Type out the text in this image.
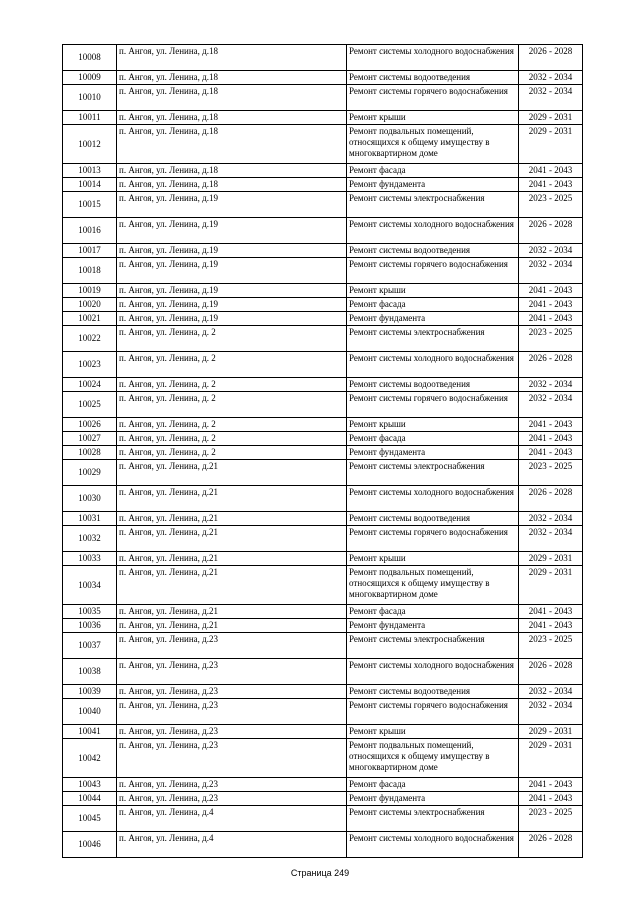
10008	п. Ангоя, ул. Ленина, д.18	Ремонт системы холодного водоснабжения	2026 - 2028
10009	п. Ангоя, ул. Ленина, д.18	Ремонт системы водоотведения	2032 - 2034
10010	п. Ангоя, ул. Ленина, д.18	Ремонт системы горячего водоснабжения	2032 - 2034
10011	п. Ангоя, ул. Ленина, д.18	Ремонт крыши	2029 - 2031
10012	п. Ангоя, ул. Ленина, д.18	Ремонт подвальных помещений, относящихся к общему имуществу в многоквартирном доме	2029 - 2031
10013	п. Ангоя, ул. Ленина, д.18	Ремонт фасада	2041 - 2043
10014	п. Ангоя, ул. Ленина, д.18	Ремонт фундамента	2041 - 2043
10015	п. Ангоя, ул. Ленина, д.19	Ремонт системы электроснабжения	2023 - 2025
10016	п. Ангоя, ул. Ленина, д.19	Ремонт системы холодного водоснабжения	2026 - 2028
10017	п. Ангоя, ул. Ленина, д.19	Ремонт системы водоотведения	2032 - 2034
10018	п. Ангоя, ул. Ленина, д.19	Ремонт системы горячего водоснабжения	2032 - 2034
10019	п. Ангоя, ул. Ленина, д.19	Ремонт крыши	2041 - 2043
10020	п. Ангоя, ул. Ленина, д.19	Ремонт фасада	2041 - 2043
10021	п. Ангоя, ул. Ленина, д.19	Ремонт фундамента	2041 - 2043
10022	п. Ангоя, ул. Ленина, д. 2	Ремонт системы электроснабжения	2023 - 2025
10023	п. Ангоя, ул. Ленина, д. 2	Ремонт системы холодного водоснабжения	2026 - 2028
10024	п. Ангоя, ул. Ленина, д. 2	Ремонт системы водоотведения	2032 - 2034
10025	п. Ангоя, ул. Ленина, д. 2	Ремонт системы горячего водоснабжения	2032 - 2034
10026	п. Ангоя, ул. Ленина, д. 2	Ремонт крыши	2041 - 2043
10027	п. Ангоя, ул. Ленина, д. 2	Ремонт фасада	2041 - 2043
10028	п. Ангоя, ул. Ленина, д. 2	Ремонт фундамента	2041 - 2043
10029	п. Ангоя, ул. Ленина, д.21	Ремонт системы электроснабжения	2023 - 2025
10030	п. Ангоя, ул. Ленина, д.21	Ремонт системы холодного водоснабжения	2026 - 2028
10031	п. Ангоя, ул. Ленина, д.21	Ремонт системы водоотведения	2032 - 2034
10032	п. Ангоя, ул. Ленина, д.21	Ремонт системы горячего водоснабжения	2032 - 2034
10033	п. Ангоя, ул. Ленина, д.21	Ремонт крыши	2029 - 2031
10034	п. Ангоя, ул. Ленина, д.21	Ремонт подвальных помещений, относящихся к общему имуществу в многоквартирном доме	2029 - 2031
10035	п. Ангоя, ул. Ленина, д.21	Ремонт фасада	2041 - 2043
10036	п. Ангоя, ул. Ленина, д.21	Ремонт фундамента	2041 - 2043
10037	п. Ангоя, ул. Ленина, д.23	Ремонт системы электроснабжения	2023 - 2025
10038	п. Ангоя, ул. Ленина, д.23	Ремонт системы холодного водоснабжения	2026 - 2028
10039	п. Ангоя, ул. Ленина, д.23	Ремонт системы водоотведения	2032 - 2034
10040	п. Ангоя, ул. Ленина, д.23	Ремонт системы горячего водоснабжения	2032 - 2034
10041	п. Ангоя, ул. Ленина, д.23	Ремонт крыши	2029 - 2031
10042	п. Ангоя, ул. Ленина, д.23	Ремонт подвальных помещений, относящихся к общему имуществу в многоквартирном доме	2029 - 2031
10043	п. Ангоя, ул. Ленина, д.23	Ремонт фасада	2041 - 2043
10044	п. Ангоя, ул. Ленина, д.23	Ремонт фундамента	2041 - 2043
10045	п. Ангоя, ул. Ленина, д.4	Ремонт системы электроснабжения	2023 - 2025
10046	п. Ангоя, ул. Ленина, д.4	Ремонт системы холодного водоснабжения	2026 - 2028
Страница 249
